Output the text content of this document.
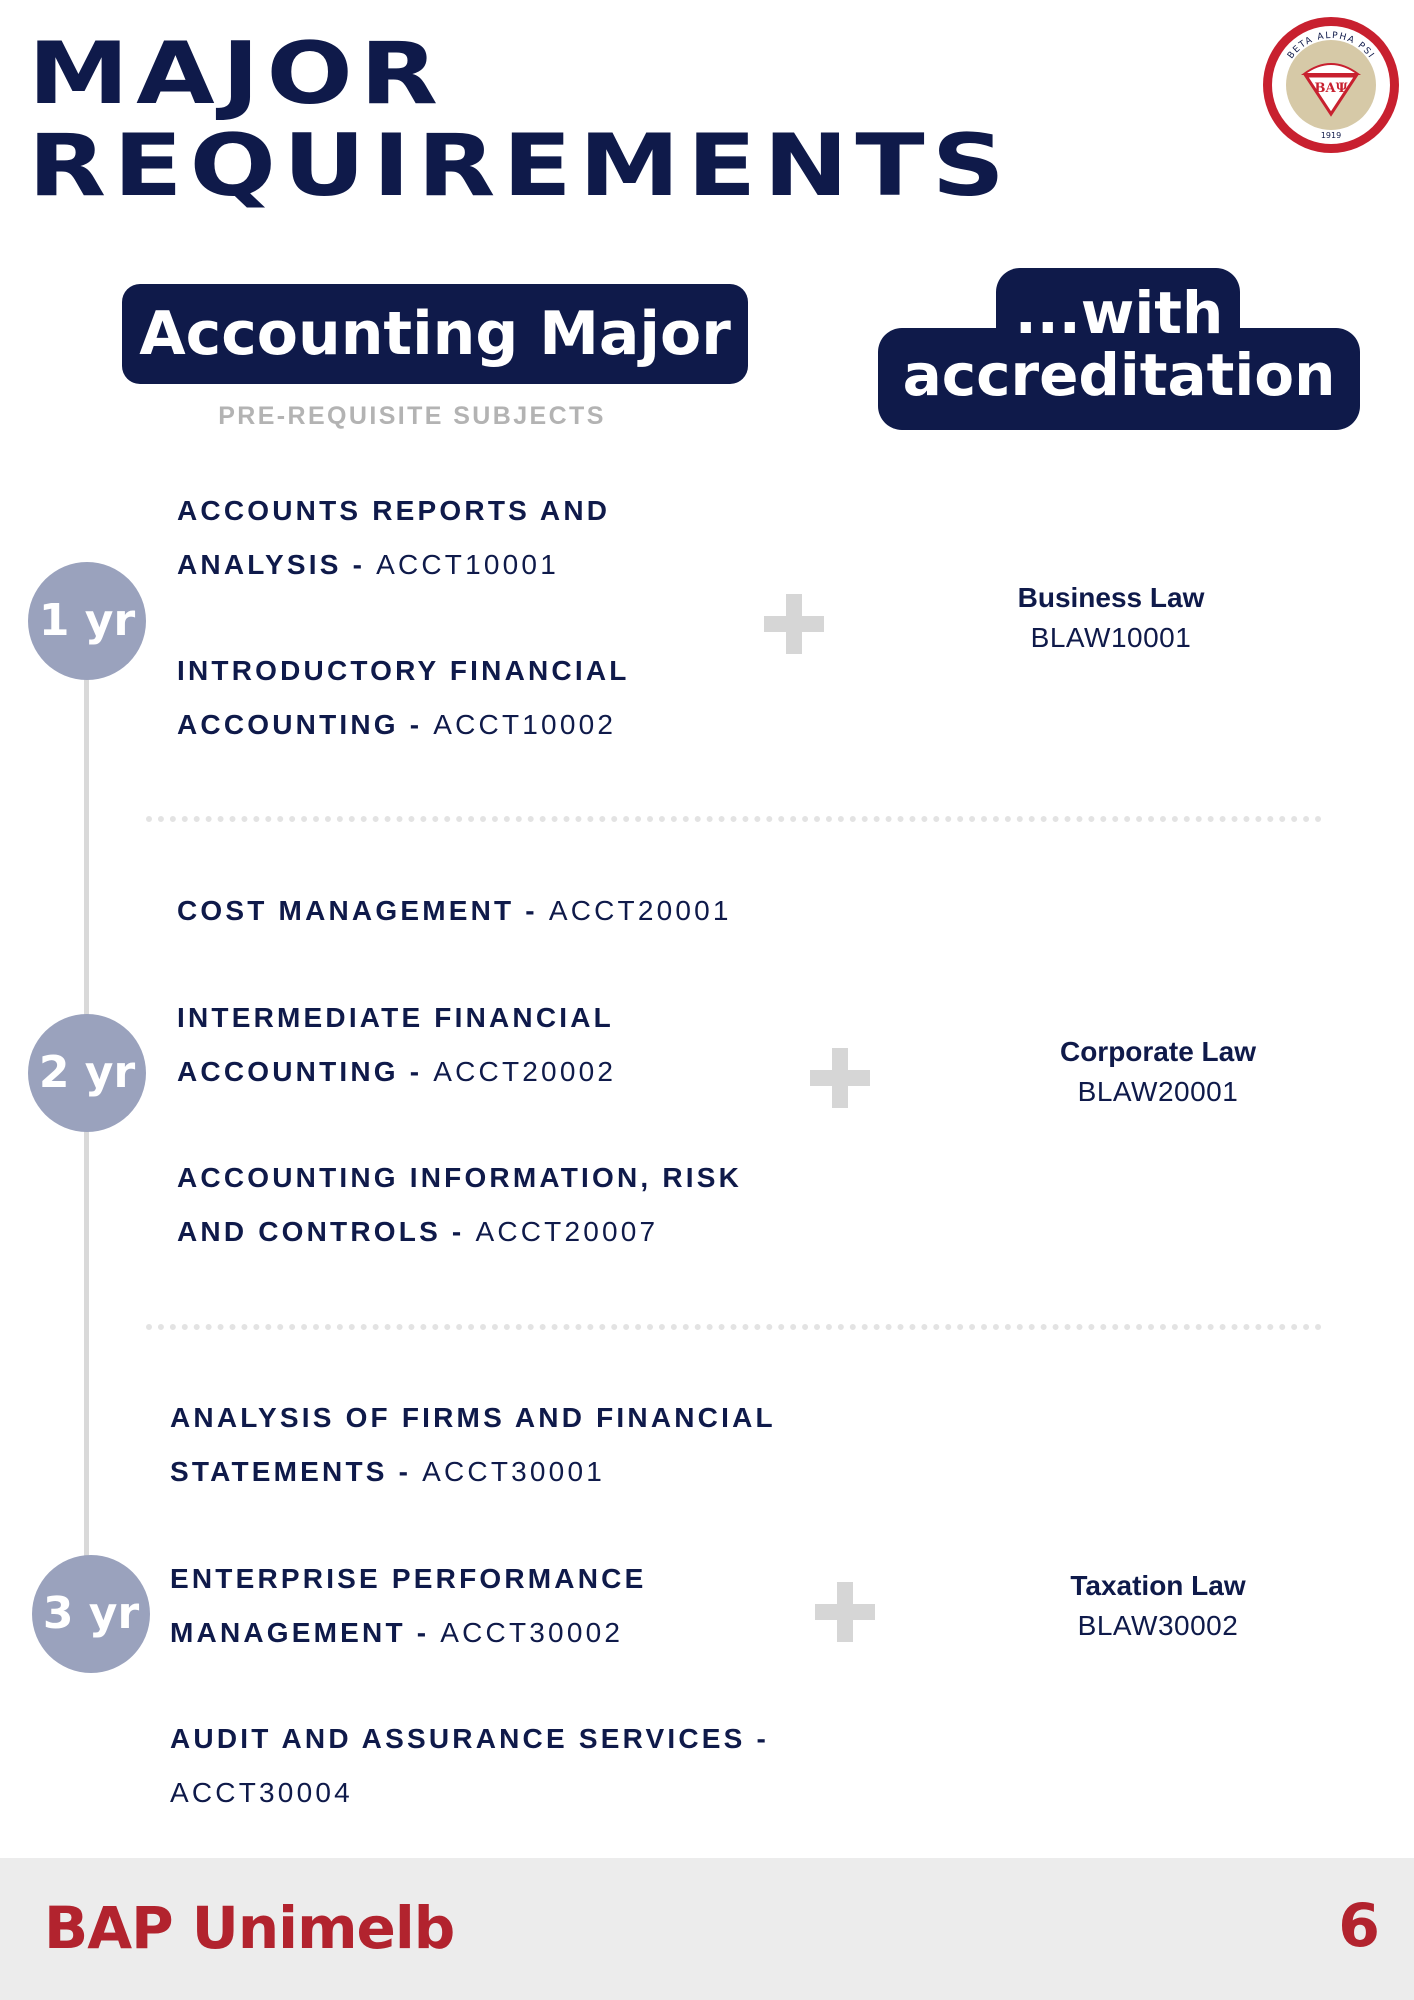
MAJOR
REQUIREMENTS
BETA ALPHA PSI
BAΨ
1919
Accounting Major
PRE-REQUISITE SUBJECTS
...with
accreditation
1 yr
ACCOUNTS REPORTS AND
ANALYSIS - ACCT10001
INTRODUCTORY FINANCIAL
ACCOUNTING - ACCT10002
Business Law
BLAW10001
2 yr
COST MANAGEMENT - ACCT20001
INTERMEDIATE FINANCIAL
ACCOUNTING - ACCT20002
ACCOUNTING INFORMATION, RISK
AND CONTROLS - ACCT20007
Corporate Law
BLAW20001
3 yr
ANALYSIS OF FIRMS AND FINANCIAL
STATEMENTS - ACCT30001
ENTERPRISE PERFORMANCE
MANAGEMENT - ACCT30002
AUDIT AND ASSURANCE SERVICES -
ACCT30004
Taxation Law
BLAW30002
BAP Unimelb	6
